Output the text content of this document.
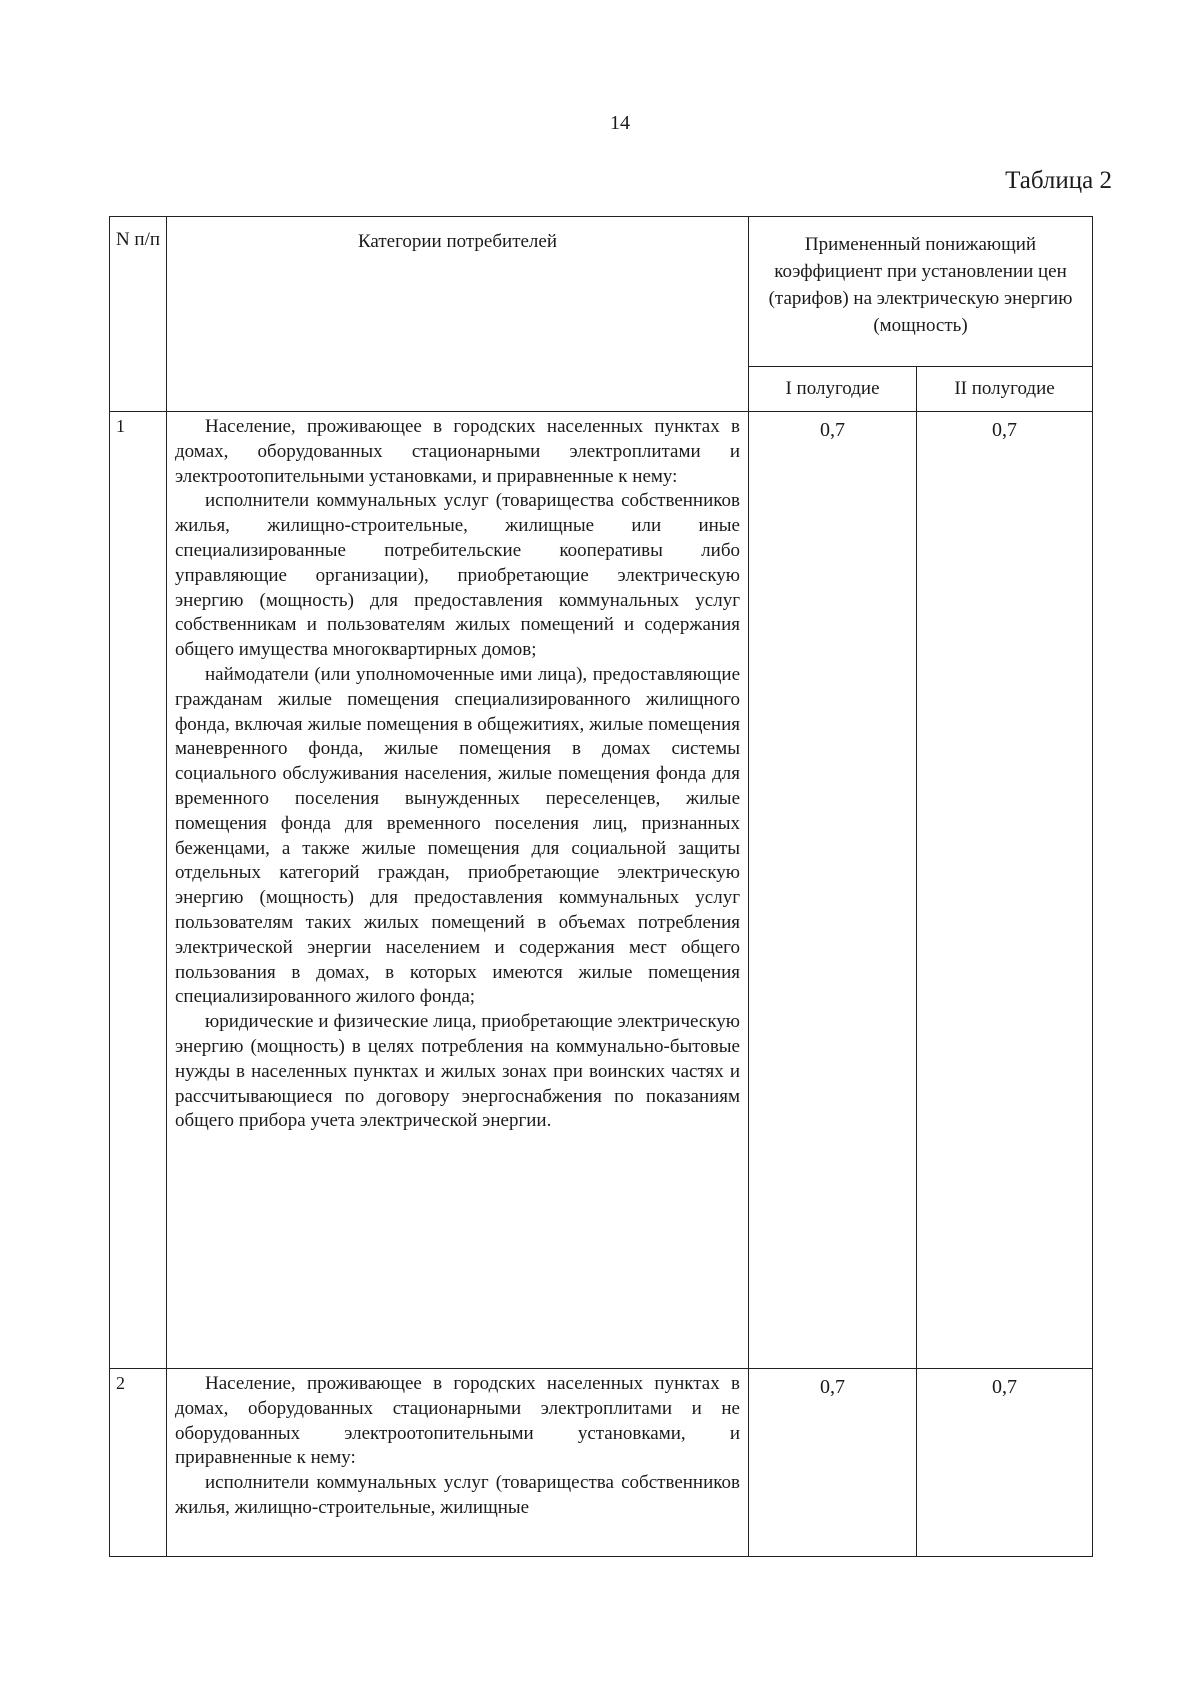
14
Таблица 2
N п/п	Категории потребителей	Примененный понижающий коэффициент при установлении цен (тарифов) на электрическую энергию (мощность)	
		I полугодие	II полугодие
1	Население, проживающее в городских населенных пунктах в домах, оборудованных стационарными электроплитами и электроотопительными установками, и приравненные к нему:

исполнители коммунальных услуг (товарищества собственников жилья, жилищно-строительные, жилищные или иные специализированные потребительские кооперативы либо управляющие организации), приобретающие электрическую энергию (мощность) для предоставления коммунальных услуг собственникам и пользователям жилых помещений и содержания общего имущества многоквартирных домов;

наймодатели (или уполномоченные ими лица), предоставляющие гражданам жилые помещения специализированного жилищного фонда, включая жилые помещения в общежитиях, жилые помещения маневренного фонда, жилые помещения в домах системы социального обслуживания населения, жилые помещения фонда для временного поселения вынужденных переселенцев, жилые помещения фонда для временного поселения лиц, признанных беженцами, а также жилые помещения для социальной защиты отдельных категорий граждан, приобретающие электрическую энергию (мощность) для предоставления коммунальных услуг пользователям таких жилых помещений в объемах потребления электрической энергии населением и содержания мест общего пользования в домах, в которых имеются жилые помещения специализированного жилого фонда;

юридические и физические лица, приобретающие электрическую энергию (мощность) в целях потребления на коммунально-бытовые нужды в населенных пунктах и жилых зонах при воинских частях и рассчитывающиеся по договору энергоснабжения по показаниям общего прибора учета электрической энергии.	0,7	0,7
2	Население, проживающее в городских населенных пунктах в домах, оборудованных стационарными электроплитами и не оборудованных электроотопительными установками, и приравненные к нему:

исполнители коммунальных услуг (товарищества собственников жилья, жилищно-строительные, жилищные	0,7	0,7
